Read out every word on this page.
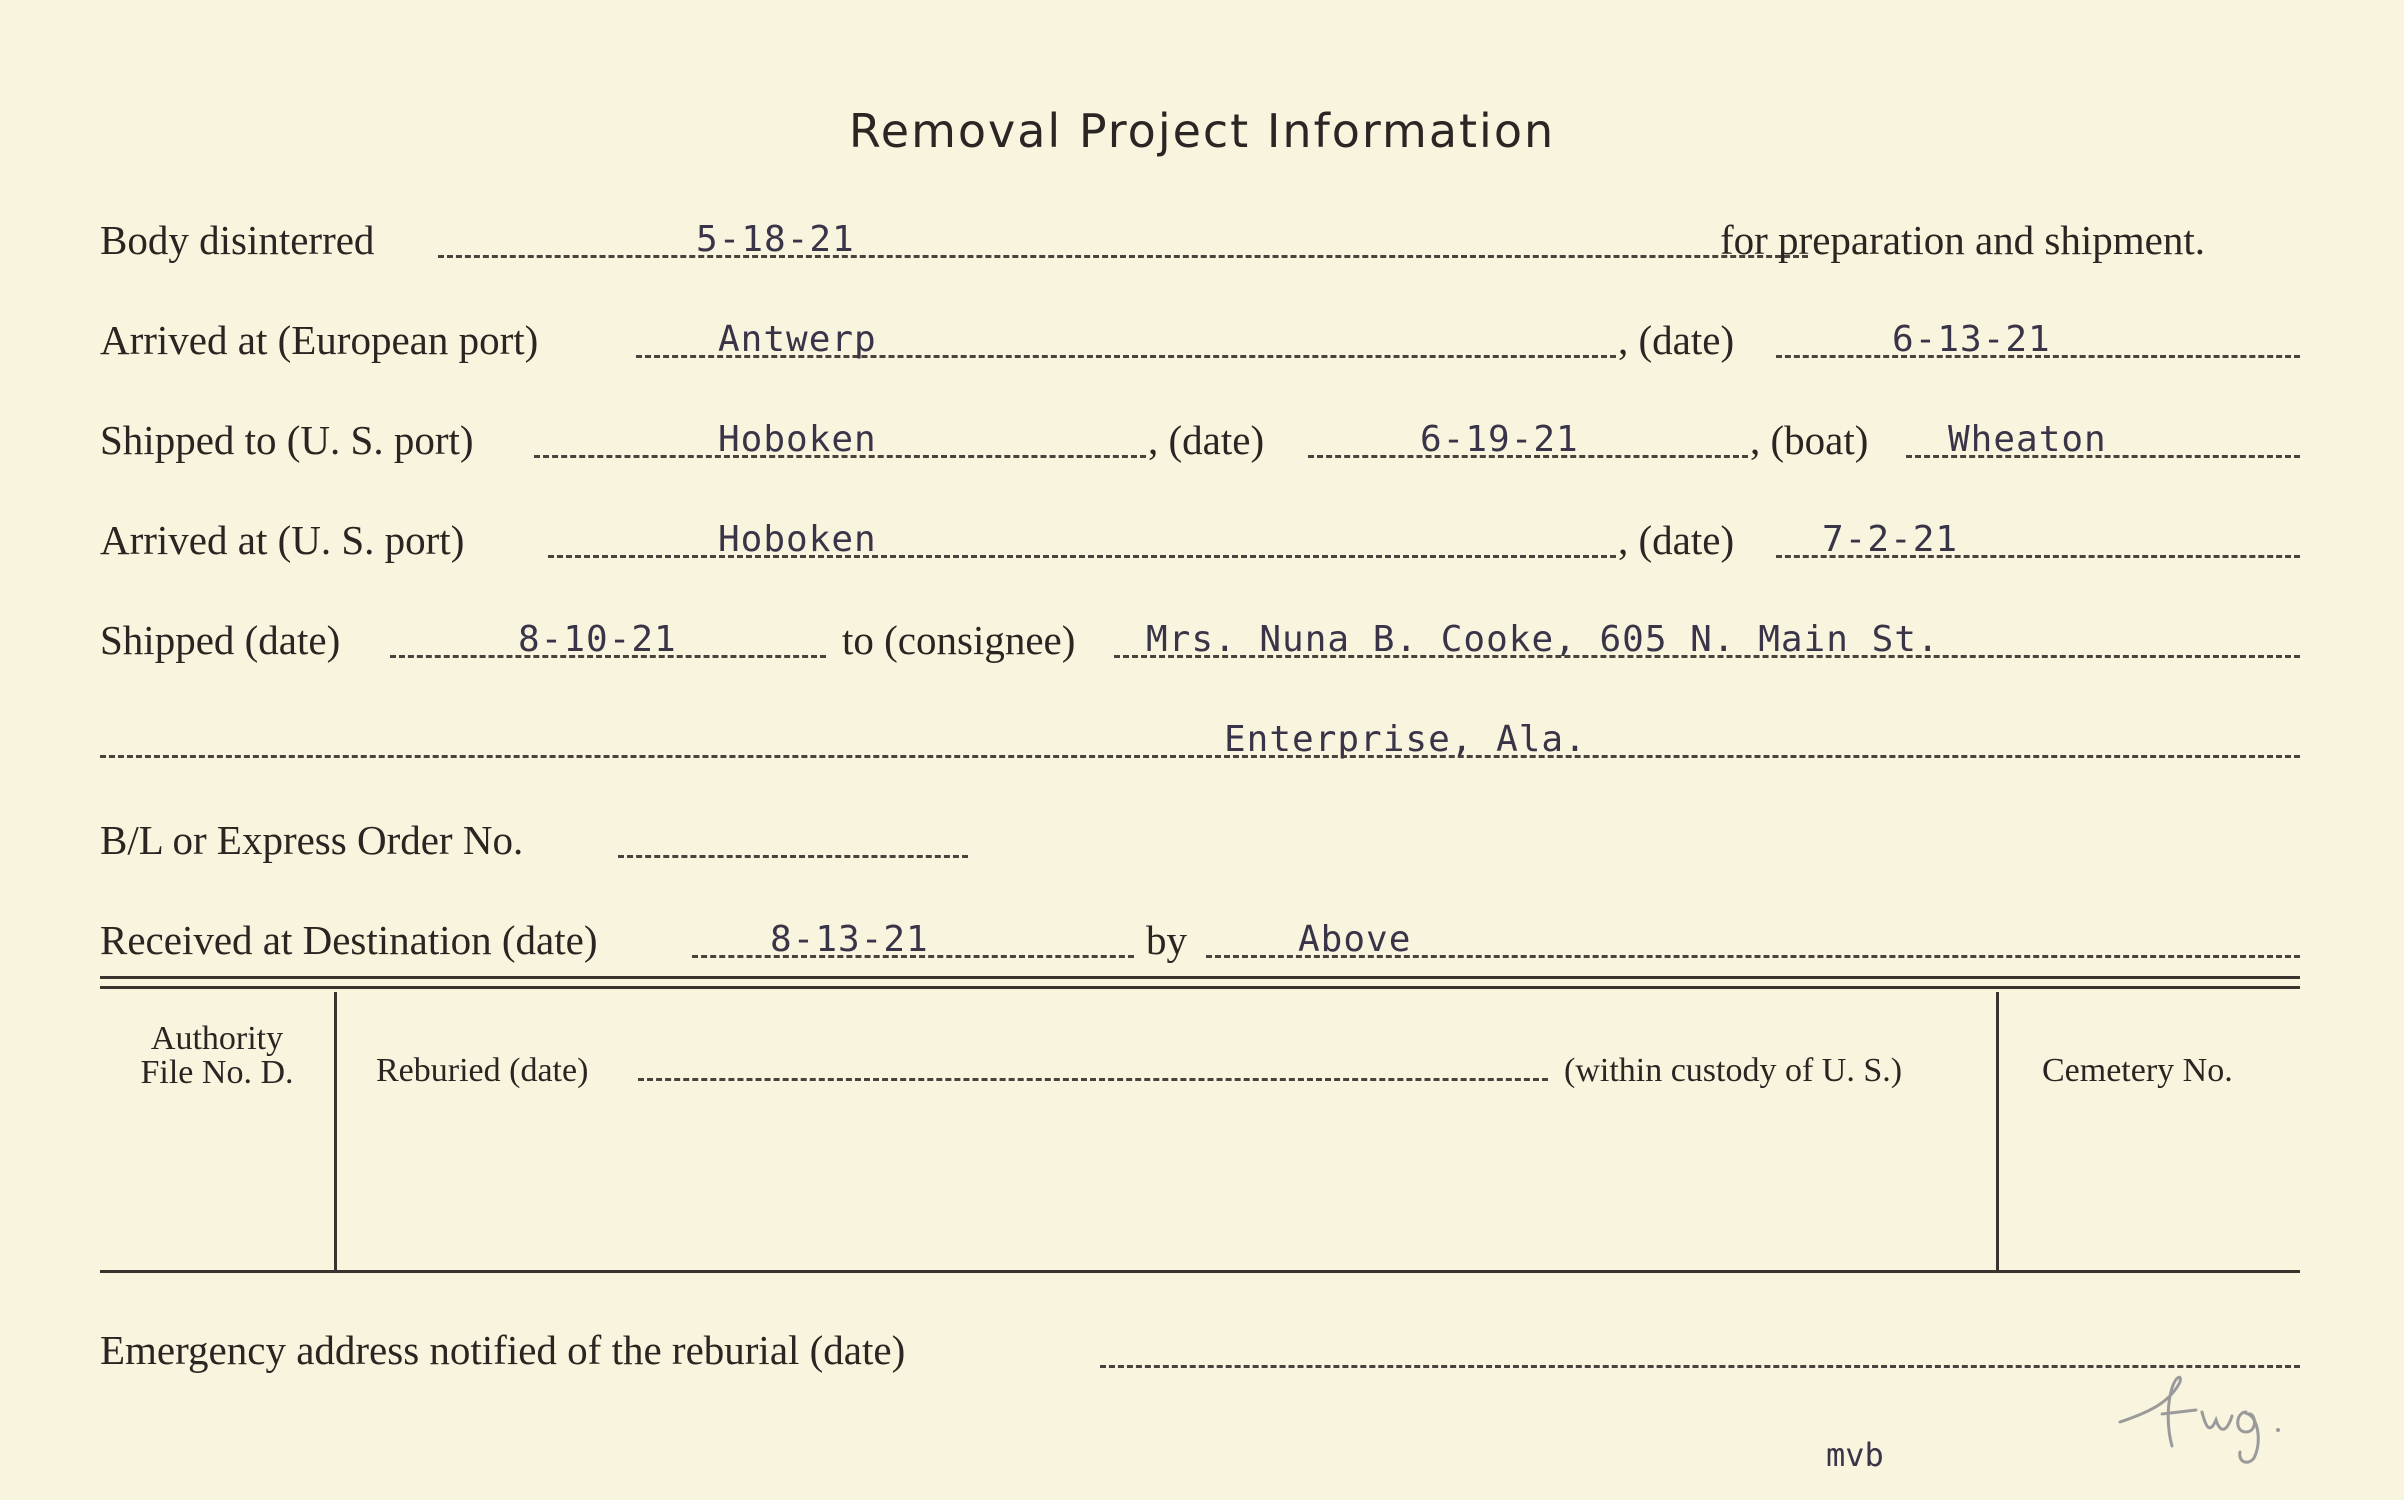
Removal Project Information
Body disinterred	5-18-21	for preparation and shipment.
Arrived at (European port)	Antwerp	, (date)	6-13-21
Shipped to (U. S. port)	Hoboken	, (date)	6-19-21	, (boat) Wheaton
Arrived at (U. S. port)	Hoboken	, (date) 7-2-21
Shipped (date)	8-10-21	to (consignee) Mrs. Nuna B. Cooke, 605 N. Main St.
Enterprise, Ala.
B/L or Express Order No.
Received at Destination (date)	8-13-21	by	Above
Authority
File No. D.	Reburied (date)	(within custody of U. S.)	Cemetery No.
Emergency address notified of the reburial (date)
mvb
